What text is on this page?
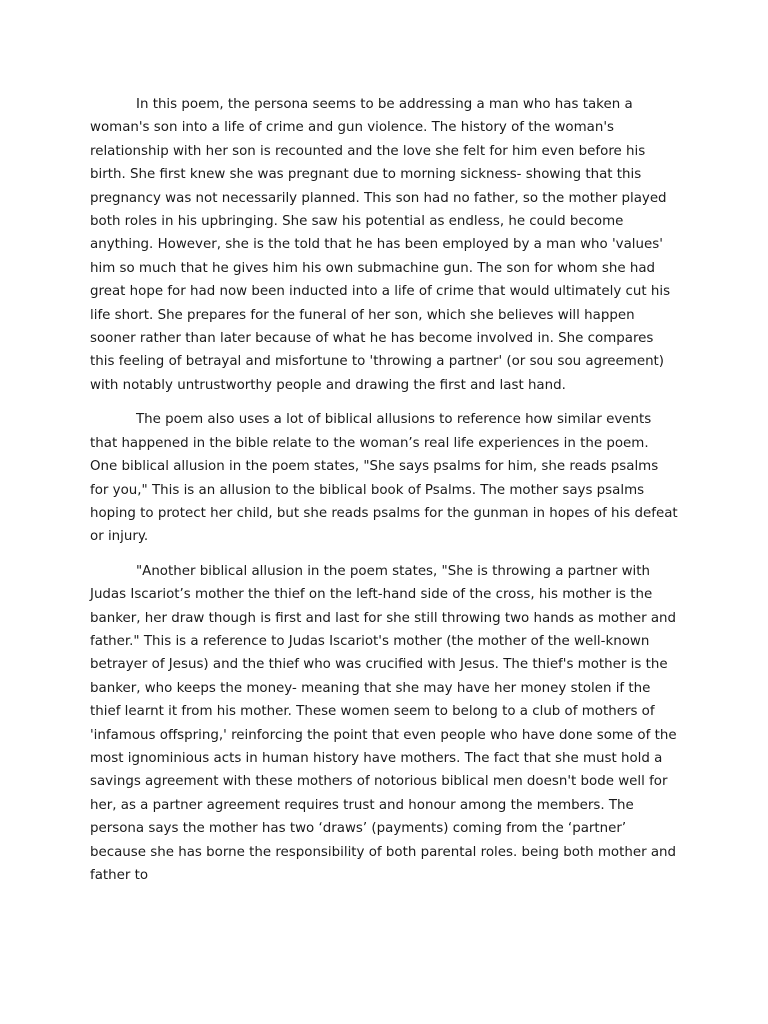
In this poem, the persona seems to be addressing a man who has taken a woman's son into a life of crime and gun violence. The history of the woman's relationship with her son is recounted and the love she felt for him even before his birth. She first knew she was pregnant due to morning sickness- showing that this pregnancy was not necessarily planned. This son had no father, so the mother played both roles in his upbringing. She saw his potential as endless, he could become anything. However, she is the told that he has been employed by a man who 'values' him so much that he gives him his own submachine gun. The son for whom she had great hope for had now been inducted into a life of crime that would ultimately cut his life short. She prepares for the funeral of her son, which she believes will happen sooner rather than later because of what he has become involved in. She compares this feeling of betrayal and misfortune to 'throwing a partner' (or sou sou agreement) with notably untrustworthy people and drawing the first and last hand.

The poem also uses a lot of biblical allusions to reference how similar events that happened in the bible relate to the woman’s real life experiences in the poem. One biblical allusion in the poem states, "She says psalms for him, she reads psalms for you," This is an allusion to the biblical book of Psalms. The mother says psalms hoping to protect her child, but she reads psalms for the gunman in hopes of his defeat or injury.

"Another biblical allusion in the poem states, "She is throwing a partner with Judas Iscariot’s mother the thief on the left-hand side of the cross, his mother is the banker, her draw though is first and last for she still throwing two hands as mother and father." This is a reference to Judas Iscariot's mother (the mother of the well-known betrayer of Jesus) and the thief who was crucified with Jesus. The thief's mother is the banker, who keeps the money- meaning that she may have her money stolen if the thief learnt it from his mother. These women seem to belong to a club of mothers of 'infamous offspring,' reinforcing the point that even people who have done some of the most ignominious acts in human history have mothers. The fact that she must hold a savings agreement with these mothers of notorious biblical men doesn't bode well for her, as a partner agreement requires trust and honour among the members. The persona says the mother has two ‘draws’ (payments) coming from the ‘partner’ because she has borne the responsibility of both parental roles. being both mother and father to
